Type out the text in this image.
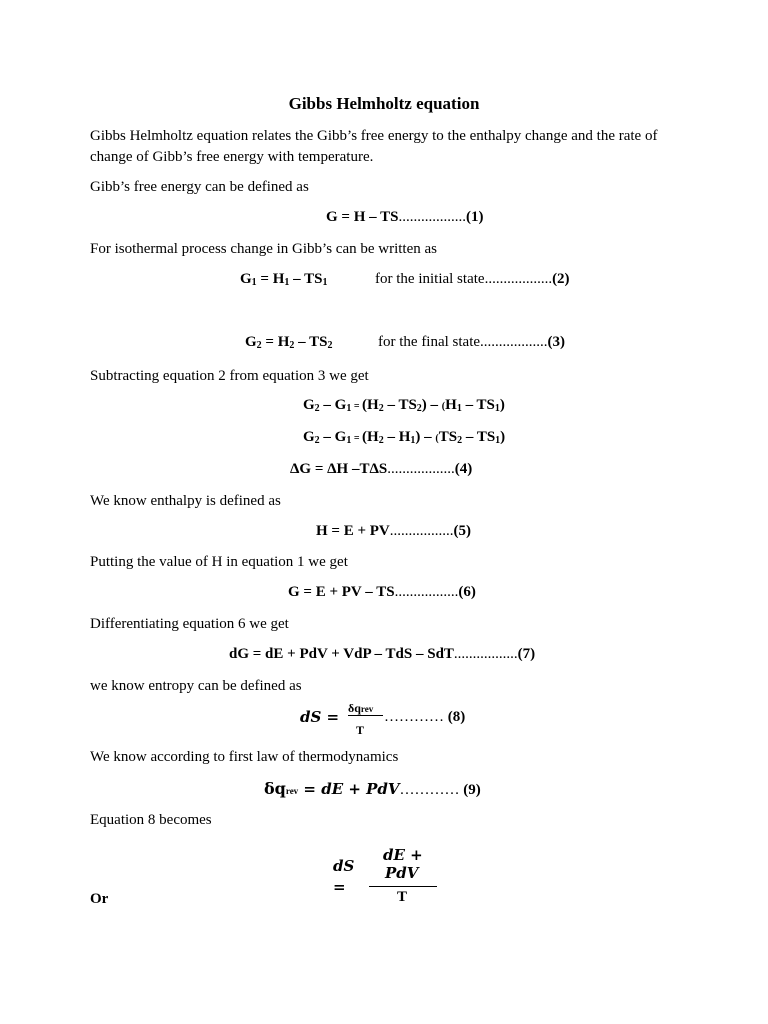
Gibbs Helmholtz equation
Gibbs Helmholtz equation relates the Gibb’s free energy to the enthalpy change and the rate of change of Gibb’s free energy with temperature.
Gibb’s free energy can be defined as
G = H – TS..................(1)
For isothermal process change in Gibb’s can be written as
$G_1 = H_1 - TS_1$	for the initial state..................(2)
$G_2 = H_2 - TS_2$	for the final state..................(3)
Subtracting equation 2 from equation 3 we get
$G_2 - G_1 = (H_2 - TS_2) - (H_1 - TS_1)$
$G_2 - G_1 = (H_2 - H_1) - (TS_2 - TS_1)$
ΔG = ΔH –TΔS..................(4)
We know enthalpy is defined as
H = E + PV.................(5)
Putting the value of H in equation 1 we get
G = E + PV – TS.................(6)
Differentiating equation 6 we get
dG = dE + PdV + VdP – TdS – SdT.................(7)
we know entropy can be defined as
dS = δqrev
T
………… (8)
We know according to first law of thermodynamics
δqrev = dE + PdV………… (9)
Equation 8 becomes
dS
=
dE +
PdV
T
Or
